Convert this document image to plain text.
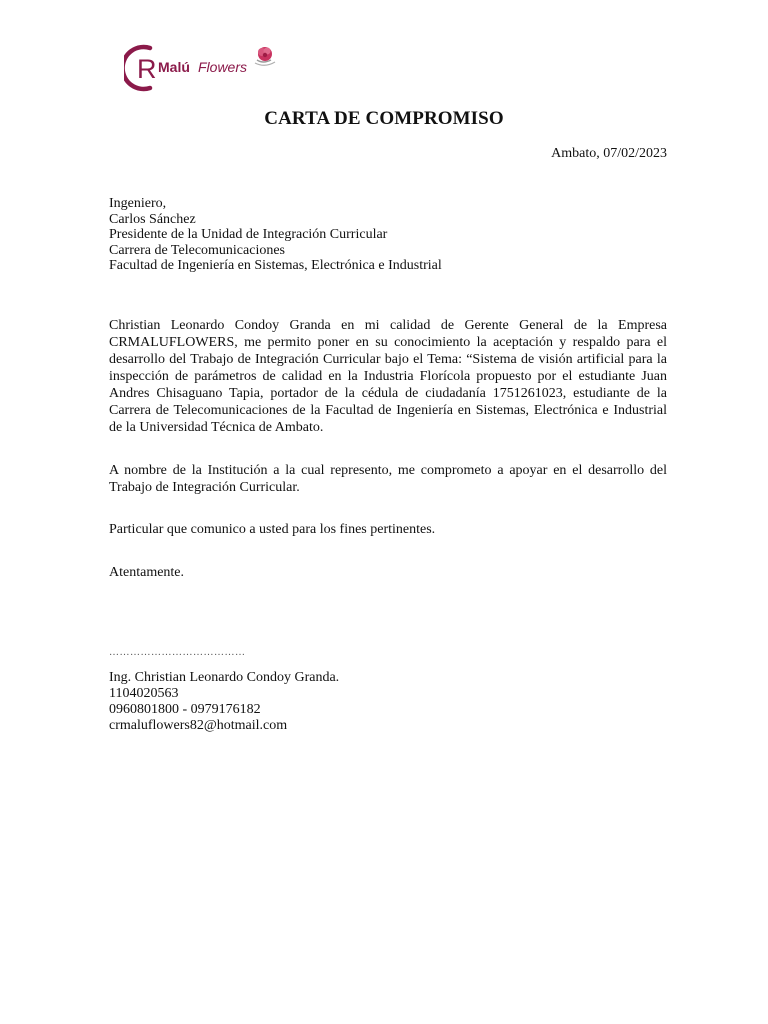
R Malú Flowers
CARTA DE COMPROMISO
Ambato, 07/02/2023
Ingeniero,
Carlos Sánchez
Presidente de la Unidad de Integración Curricular
Carrera de Telecomunicaciones
Facultad de Ingeniería en Sistemas, Electrónica e Industrial
Christian Leonardo Condoy Granda en mi calidad de Gerente General de la Empresa CRMALUFLOWERS, me permito poner en su conocimiento la aceptación y respaldo para el desarrollo del Trabajo de Integración Curricular bajo el Tema: “Sistema de visión artificial para la inspección de parámetros de calidad en la Industria Florícola propuesto por el estudiante Juan Andres Chisaguano Tapia, portador de la cédula de ciudadanía 1751261023, estudiante de la Carrera de Telecomunicaciones de la Facultad de Ingeniería en Sistemas, Electrónica e Industrial de la Universidad Técnica de Ambato.
A nombre de la Institución a la cual represento, me comprometo a apoyar en el desarrollo del Trabajo de Integración Curricular.
Particular que comunico a usted para los fines pertinentes.
Atentamente.
…………………………………
Ing. Christian Leonardo Condoy Granda.
1104020563
0960801800 - 0979176182
crmaluflowers82@hotmail.com
